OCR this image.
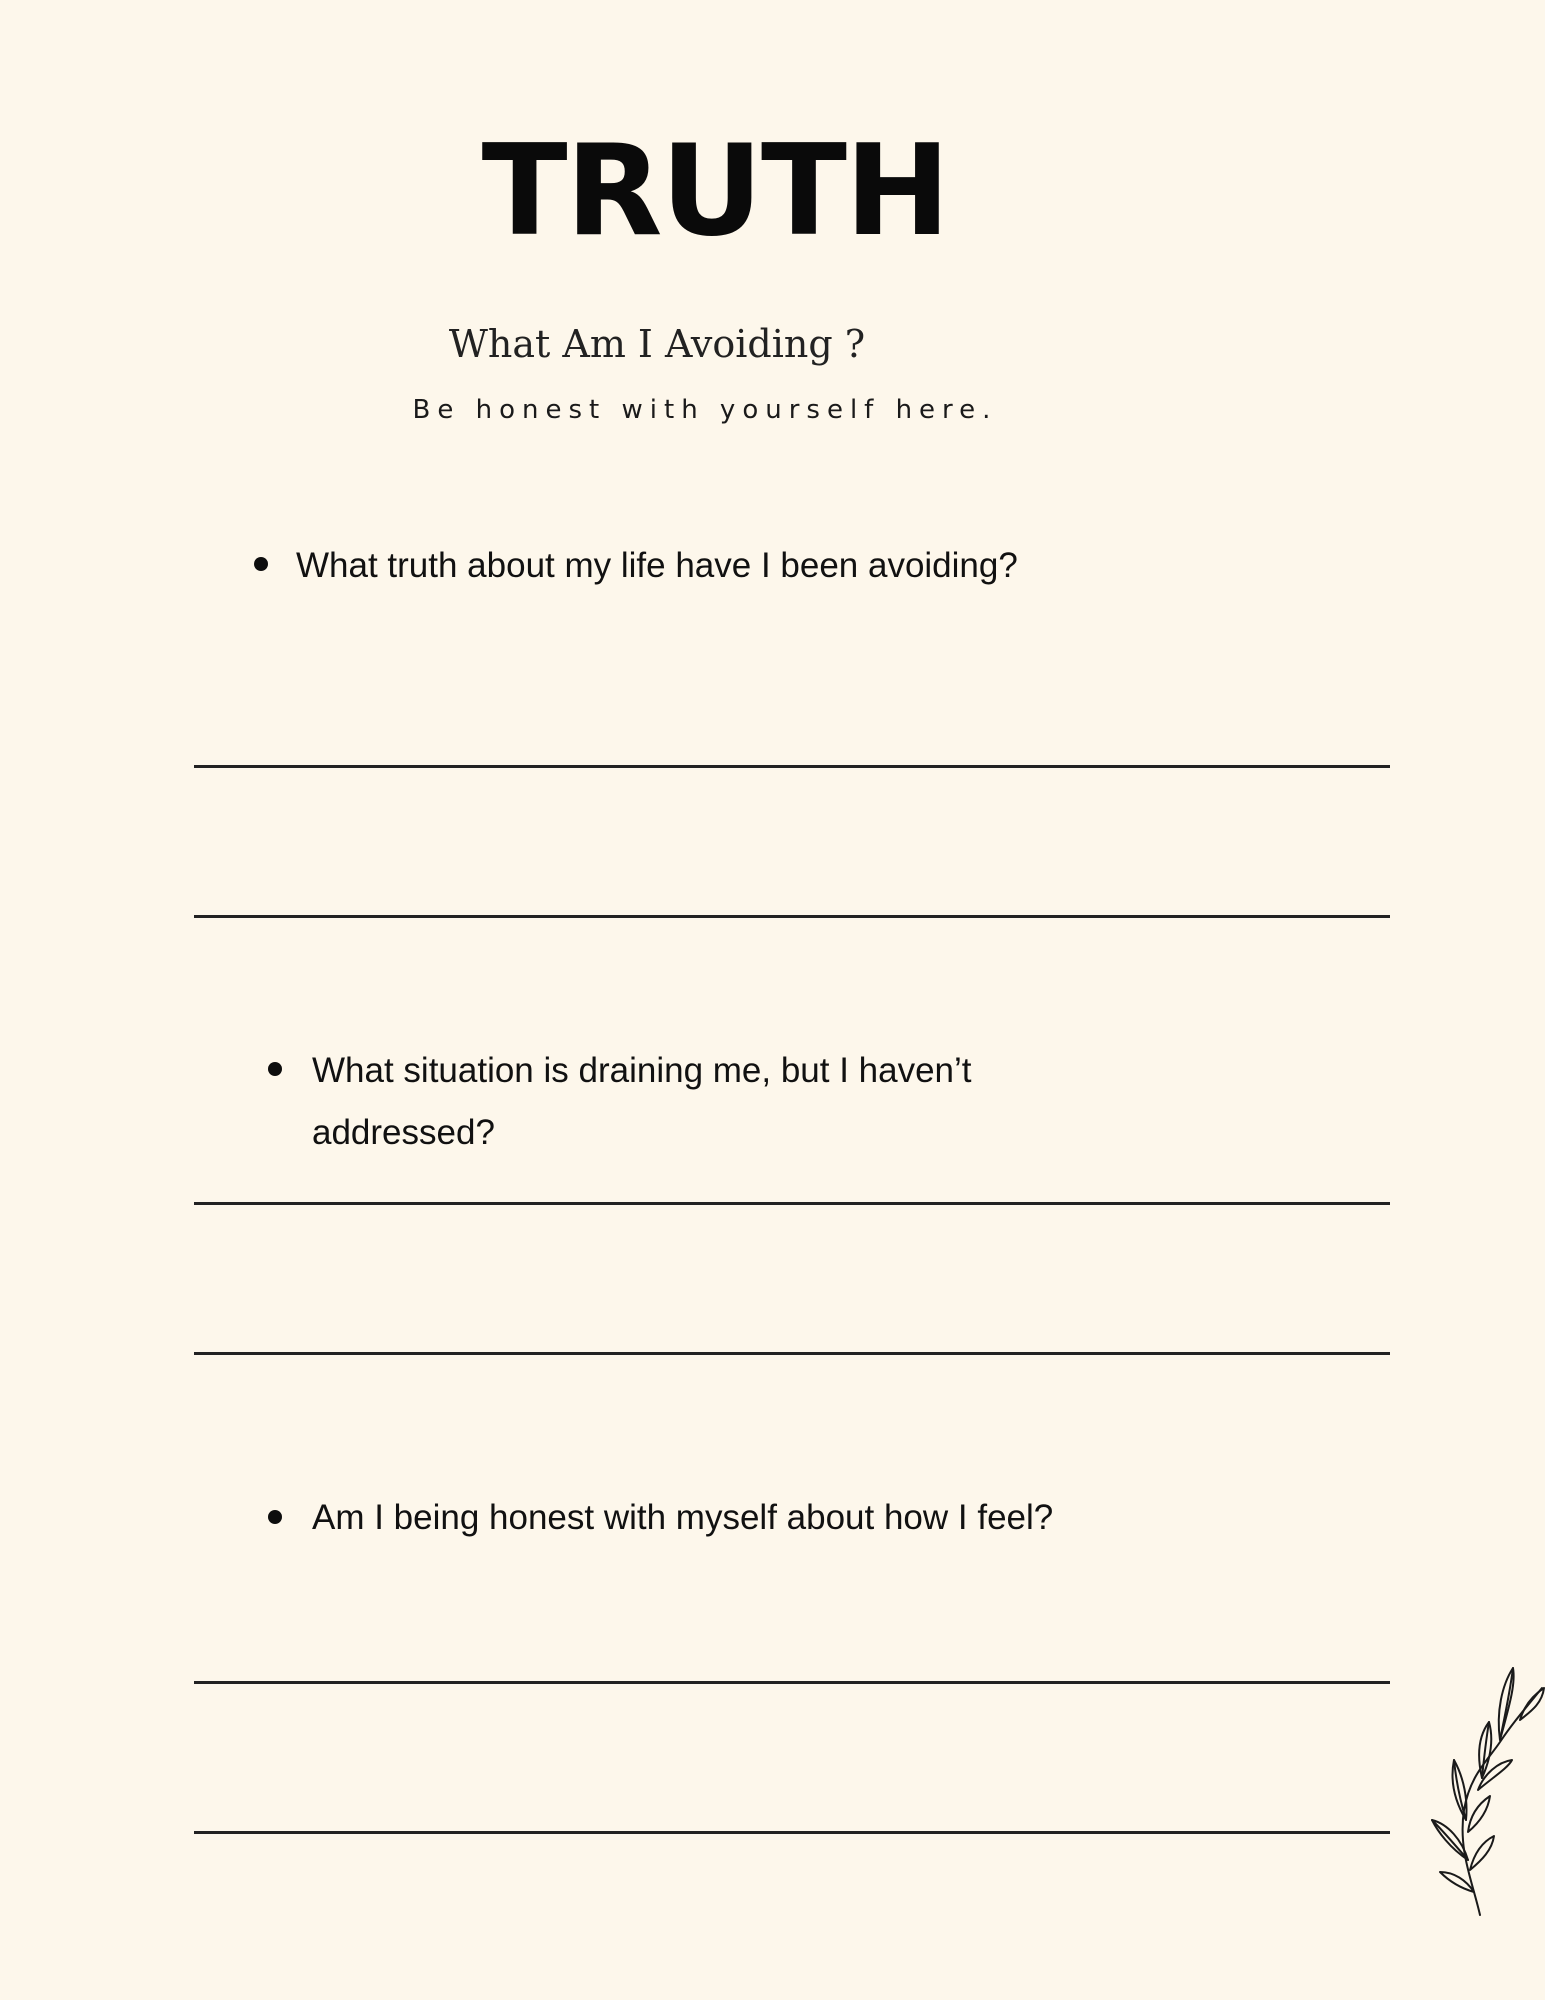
TRUTH
What Am I Avoiding ?
Be honest with yourself here.
What truth about my life have I been avoiding?
What situation is draining me, but I haven’t addressed?
Am I being honest with myself about how I feel?
